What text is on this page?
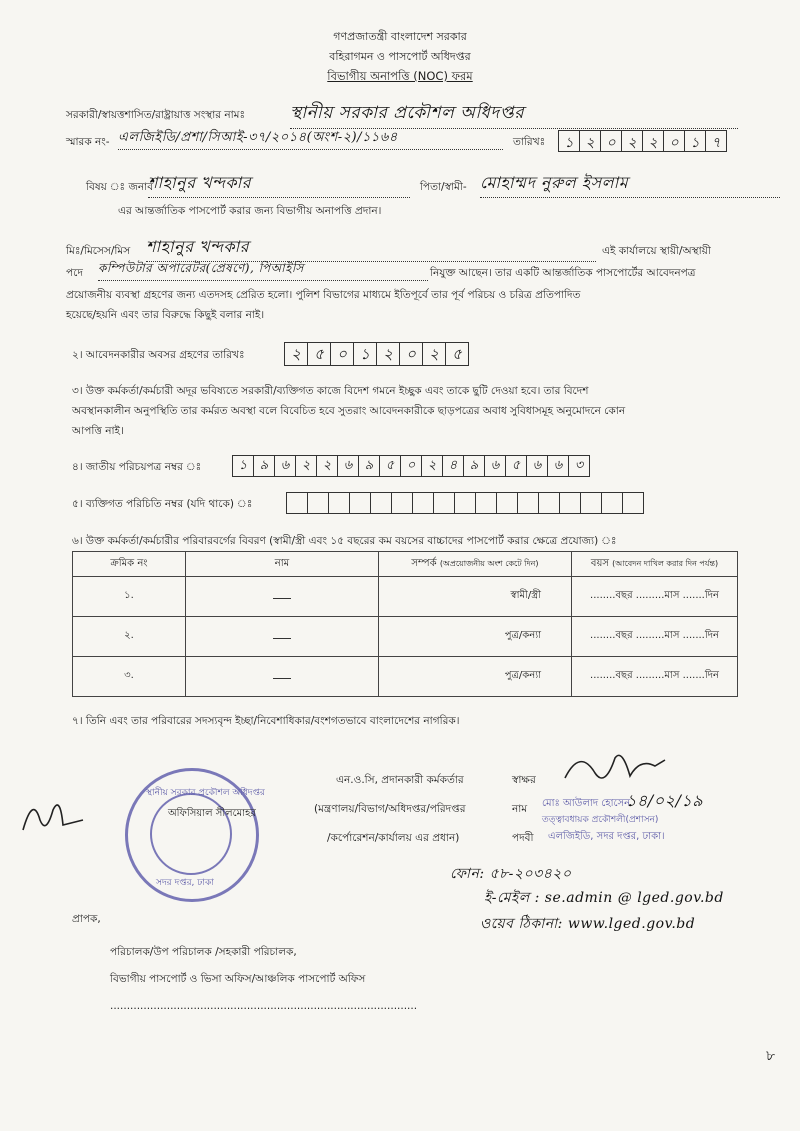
গণপ্রজাতন্ত্রী বাংলাদেশ সরকার
বহিরাগমন ও পাসপোর্ট অধিদপ্তর
বিভাগীয় অনাপত্তি (NOC) ফরম
সরকারী/স্বায়ত্তশাসিত/রাষ্ট্রায়াত্ত সংস্থার নামঃ	স্থানীয় সরকার প্রকৌশল অধিদপ্তর
স্মারক নং- এলজিইডি/প্রশা/সিআই-৩৭/২০১৪(অংশ-২)/১১৬৪	তারিখঃ	১ ২ ০ ২ ২ ০ ১ ৭
বিষয় ঃ জনাব
শাহানুর খন্দকার	পিতা/স্বামী- মোহাম্মদ নুরুল ইসলাম
এর আন্তর্জাতিক পাসপোর্ট করার জন্য বিভাগীয় অনাপত্তি প্রদান।
মিঃ/মিসেস/মিস শাহানুর খন্দকার	এই কার্যালয়ে স্থায়ী/অস্থায়ী
পদে কম্পিউটার অপারেটর(প্রেষণে), পিআইসি	নিযুক্ত আছেন। তার একটি আন্তর্জাতিক পাসপোর্টের আবেদনপত্র
প্রয়োজনীয় ব্যবস্থা গ্রহণের জন্য এতদসহ প্রেরিত হলো। পুলিশ বিভাগের মাধ্যমে ইতিপূর্বে তার পূর্ব পরিচয় ও চরিত্র প্রতিপাদিত
হয়েছে/হয়নি এবং তার বিরুদ্ধে কিছুই বলার নাই।
২। আবেদনকারীর অবসর গ্রহণের তারিখঃ	২ ৫ ০ ১ ২ ০ ২ ৫
৩। উক্ত কর্মকর্তা/কর্মচারী অদূর ভবিষ্যতে সরকারী/ব্যক্তিগত কাজে বিদেশ গমনে ইচ্ছুক এবং তাকে ছুটি দেওয়া হবে। তার বিদেশ
অবস্থানকালীন অনুপস্থিতি তার কর্মরত অবস্থা বলে বিবেচিত হবে সুতরাং আবেদনকারীকে ছাড়পত্রের অবাধ সুবিধাসমূহ অনুমোদনে কোন
আপত্তি নাই।
৪। জাতীয় পরিচয়পত্র নম্বর ঃ	১ ৯ ৬ ২ ২ ৬ ৯ ৫ ০ ২ ৪ ৯ ৬ ৫ ৬ ৬ ৩
৫। ব্যক্তিগত পরিচিতি নম্বর (যদি থাকে) ঃ
৬। উক্ত কর্মকর্তা/কর্মচারীর পরিবারবর্গের বিবরণ (স্বামী/স্ত্রী এবং ১৫ বছরের কম বয়সের বাচ্চাদের পাসপোর্ট করার ক্ষেত্রে প্রযোজ্য) ঃ
ক্রমিক নং	নাম	সম্পর্ক (অপ্রয়োজনীয় অংশ কেটে দিন)	বয়স (আবেদন দাখিল করার দিন পর্যন্ত)
১.		স্বামী/স্ত্রী	........বছর .........মাস .......দিন
২.		পুত্র/কন্যা	........বছর .........মাস .......দিন
৩.		পুত্র/কন্যা	........বছর .........মাস .......দিন
৭। তিনি এবং তার পরিবারের সদস্যবৃন্দ ইচ্ছা/নিবেশাধিকার/বংশগতভাবে বাংলাদেশের নাগরিক।
স্থানীয় সরকার প্রকৌশল অধিদপ্তর
সদর দপ্তর, ঢাকা
অফিসিয়াল সীলমোহর
এন.ও.সি, প্রদানকারী কর্মকর্তার
(মন্ত্রণালয়/বিভাগ/অধিদপ্তর/পরিদপ্তর
/কর্পোরেশন/কার্যালয় এর প্রধান)
স্বাক্ষর
নাম মোঃ আউলাদ হোসেন
তত্ত্বাবধায়ক প্রকৌশলী(প্রশাসন)
১৪/০২/১৯
পদবী এলজিইডি, সদর দপ্তর, ঢাকা।
ফোন: ৫৮-২০৩৪২০
ই-মেইল : se.admin @ lged.gov.bd
ওয়েব ঠিকানা: www.lged.gov.bd
প্রাপক,
পরিচালক/উপ পরিচালক /সহকারী পরিচালক,
বিভাগীয় পাসপোর্ট ও ভিসা অফিস/আঞ্চলিক পাসপোর্ট অফিস
............................................................................................
৮
